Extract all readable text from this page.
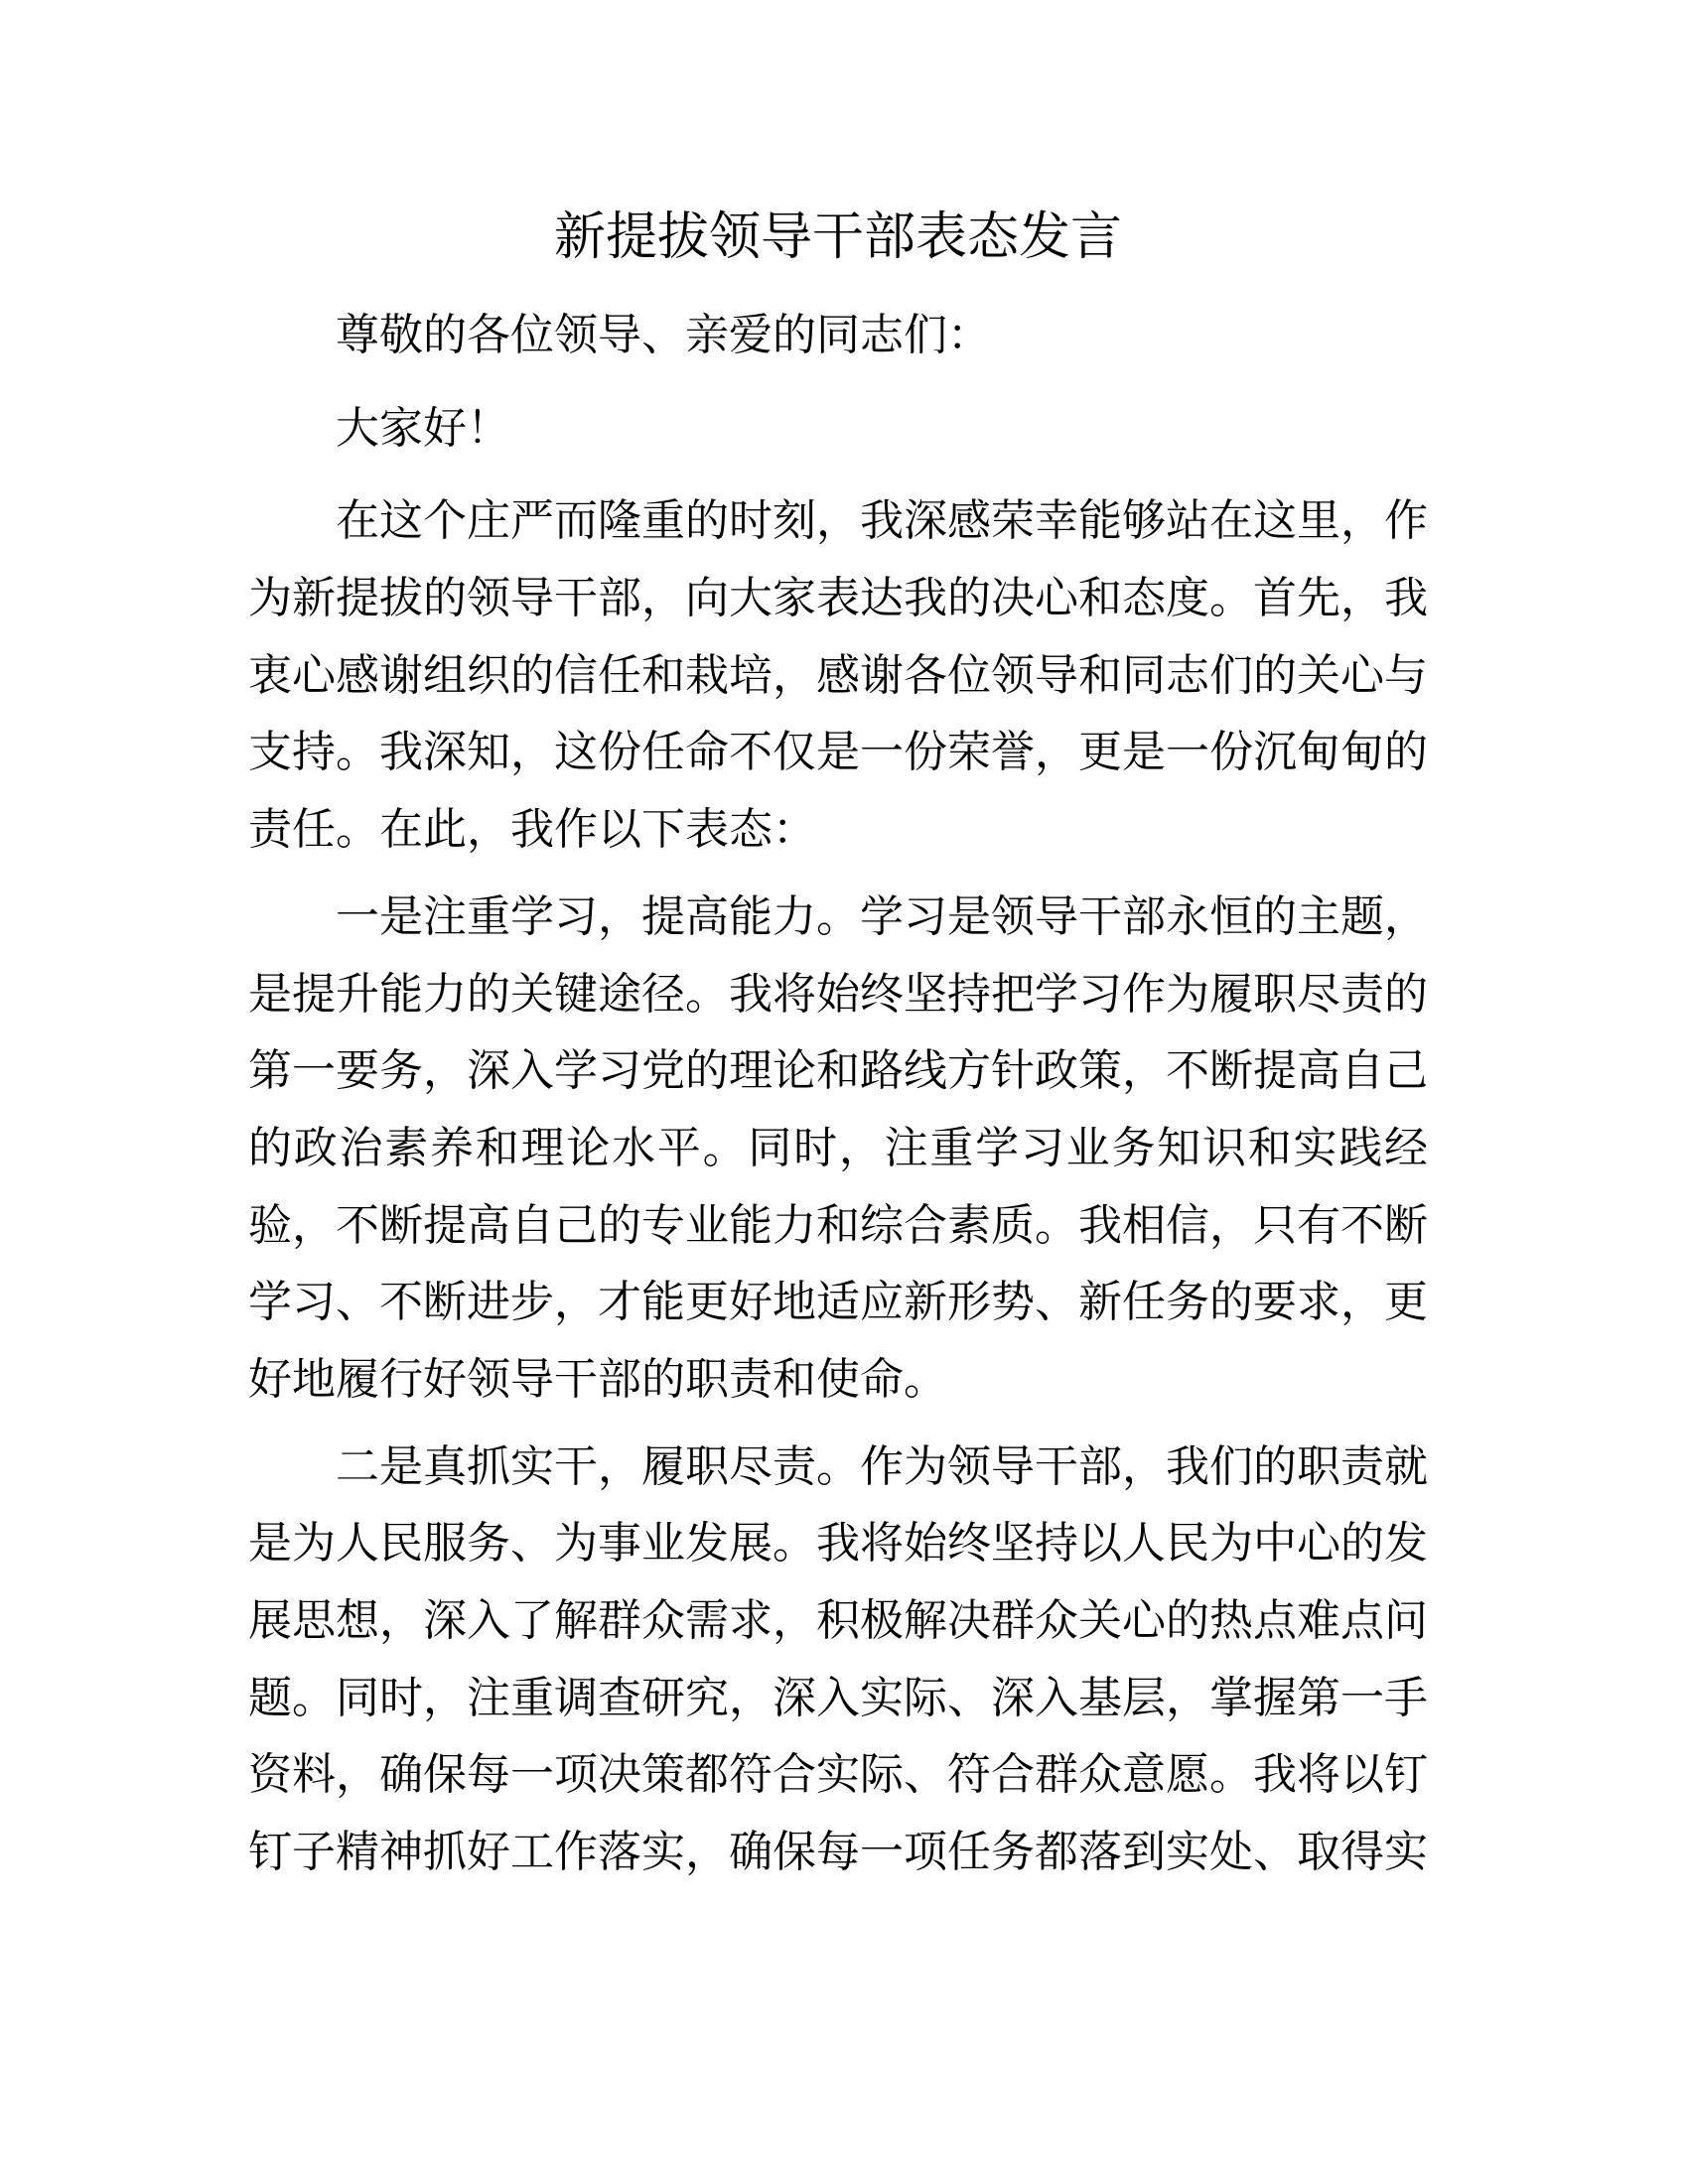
新提拔领导干部表态发言
尊敬的各位领导、亲爱的同志们：
大家好！
在这个庄严而隆重的时刻，我深感荣幸能够站在这里，作
为新提拔的领导干部，向大家表达我的决心和态度。首先，我
衷心感谢组织的信任和栽培，感谢各位领导和同志们的关心与
支持。我深知，这份任命不仅是一份荣誉，更是一份沉甸甸的
责任。在此，我作以下表态：
一是注重学习，提高能力。学习是领导干部永恒的主题，
是提升能力的关键途径。我将始终坚持把学习作为履职尽责的
第一要务，深入学习党的理论和路线方针政策，不断提高自己
的政治素养和理论水平。同时，注重学习业务知识和实践经
验，不断提高自己的专业能力和综合素质。我相信，只有不断
学习、不断进步，才能更好地适应新形势、新任务的要求，更
好地履行好领导干部的职责和使命。
二是真抓实干，履职尽责。作为领导干部，我们的职责就
是为人民服务、为事业发展。我将始终坚持以人民为中心的发
展思想，深入了解群众需求，积极解决群众关心的热点难点问
题。同时，注重调查研究，深入实际、深入基层，掌握第一手
资料，确保每一项决策都符合实际、符合群众意愿。我将以钉
钉子精神抓好工作落实，确保每一项任务都落到实处、取得实
